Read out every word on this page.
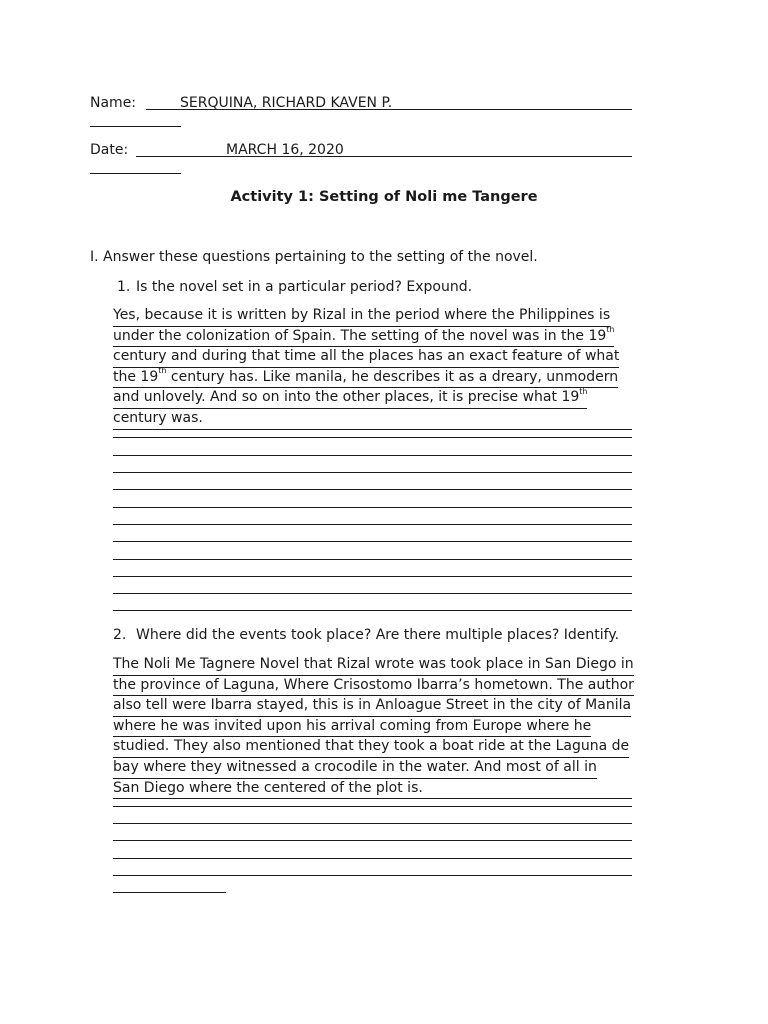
Name:	SERQUINA, RICHARD KAVEN P.
Date:	MARCH 16, 2020
Activity 1: Setting of Noli me Tangere
I. Answer these questions pertaining to the setting of the novel.
1. Is the novel set in a particular period? Expound.
Yes, because it is written by Rizal in the period where the Philippines is
under the colonization of Spain. The setting of the novel was in the 19th
century and during that time all the places has an exact feature of what
the 19th century has. Like manila, he describes it as a dreary, unmodern
and unlovely. And so on into the other places, it is precise what 19th
century was.
2. Where did the events took place? Are there multiple places? Identify.
The Noli Me Tagnere Novel that Rizal wrote was took place in San Diego in
the province of Laguna, Where Crisostomo Ibarra’s hometown. The author
also tell were Ibarra stayed, this is in Anloague Street in the city of Manila
where he was invited upon his arrival coming from Europe where he
studied. They also mentioned that they took a boat ride at the Laguna de
bay where they witnessed a crocodile in the water. And most of all in
San Diego where the centered of the plot is.
